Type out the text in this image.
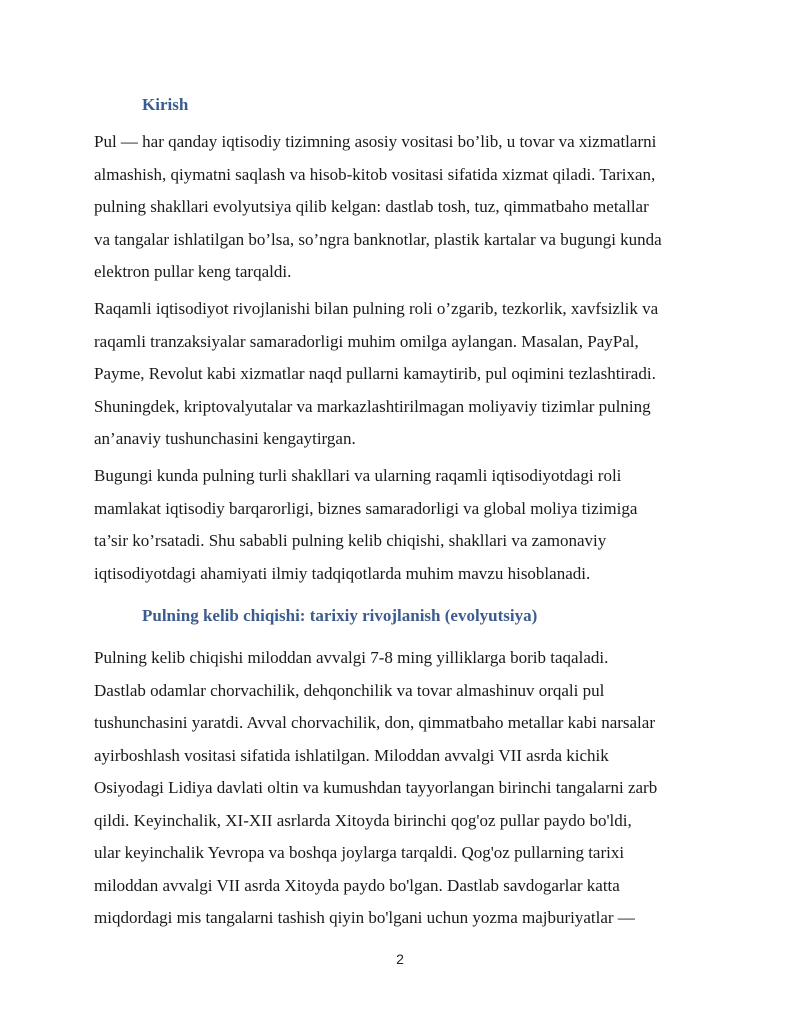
Kirish

Pul — har qanday iqtisodiy tizimning asosiy vositasi bo’lib, u tovar va xizmatlarni
almashish, qiymatni saqlash va hisob-kitob vositasi sifatida xizmat qiladi. Tarixan,
pulning shakllari evolyutsiya qilib kelgan: dastlab tosh, tuz, qimmatbaho metallar
va tangalar ishlatilgan bo’lsa, so’ngra banknotlar, plastik kartalar va bugungi kunda
elektron pullar keng tarqaldi.

Raqamli iqtisodiyot rivojlanishi bilan pulning roli o’zgarib, tezkorlik, xavfsizlik va
raqamli tranzaksiyalar samaradorligi muhim omilga aylangan. Masalan, PayPal,
Payme, Revolut kabi xizmatlar naqd pullarni kamaytirib, pul oqimini tezlashtiradi.
Shuningdek, kriptovalyutalar va markazlashtirilmagan moliyaviy tizimlar pulning
an’anaviy tushunchasini kengaytirgan.

Bugungi kunda pulning turli shakllari va ularning raqamli iqtisodiyotdagi roli
mamlakat iqtisodiy barqarorligi, biznes samaradorligi va global moliya tizimiga
ta’sir ko’rsatadi. Shu sababli pulning kelib chiqishi, shakllari va zamonaviy
iqtisodiyotdagi ahamiyati ilmiy tadqiqotlarda muhim mavzu hisoblanadi.

Pulning kelib chiqishi: tarixiy rivojlanish (evolyutsiya)

Pulning kelib chiqishi miloddan avvalgi 7-8 ming yilliklarga borib taqaladi.
Dastlab odamlar chorvachilik, dehqonchilik va tovar almashinuv orqali pul
tushunchasini yaratdi. Avval chorvachilik, don, qimmatbaho metallar kabi narsalar
ayirboshlash vositasi sifatida ishlatilgan. Miloddan avvalgi VII asrda kichik
Osiyodagi Lidiya davlati oltin va kumushdan tayyorlangan birinchi tangalarni zarb
qildi. Keyinchalik, XI-XII asrlarda Xitoyda birinchi qog'oz pullar paydo bo'ldi,
ular keyinchalik Yevropa va boshqa joylarga tarqaldi. Qog'oz pullarning tarixi
miloddan avvalgi VII asrda Xitoyda paydo bo'lgan. Dastlab savdogarlar katta
miqdordagi mis tangalarni tashish qiyin bo'lgani uchun yozma majburiyatlar —

2
